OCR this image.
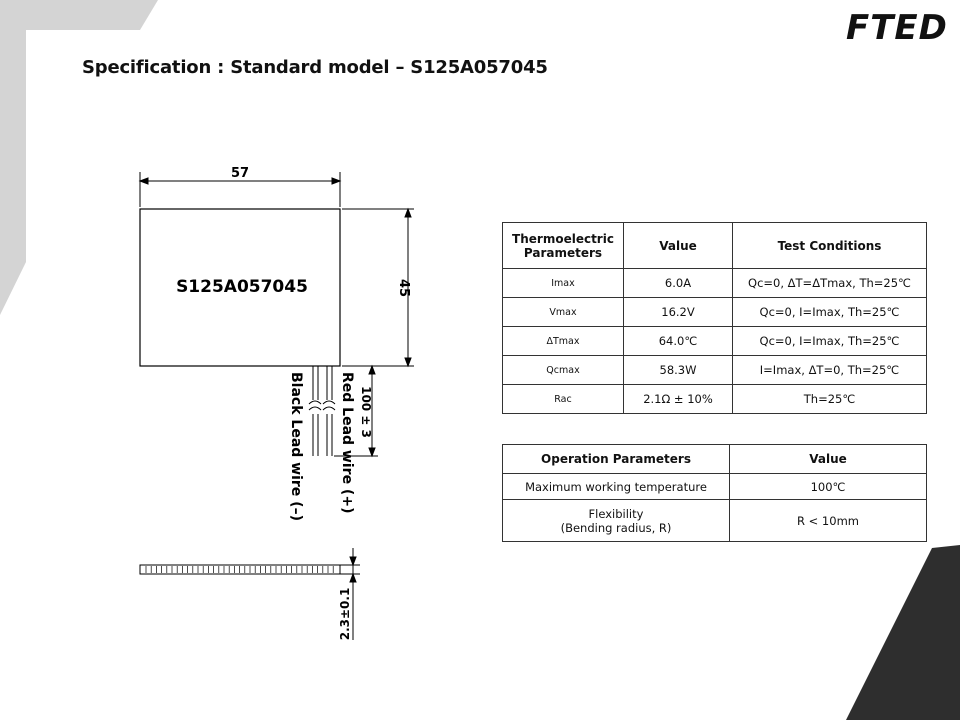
FTED
Specification : Standard model – S125A057045
57
S125A057045	45
100 ± 3
Red Lead wire (+)
Black Lead wire (–)
2.3±0.1
Thermoelectric Parameters	Value	Test Conditions
Imax	6.0A	Qc=0, ΔT=ΔTmax, Th=25℃
Vmax	16.2V	Qc=0, I=Imax, Th=25℃
ΔTmax	64.0℃	Qc=0, I=Imax, Th=25℃
Qcmax	58.3W	I=Imax, ΔT=0, Th=25℃
Rac	2.1Ω ± 10%	Th=25℃
Operation Parameters	Value
Maximum working temperature	100℃

Flexibility
(Bending radius, R)	R < 10mm
